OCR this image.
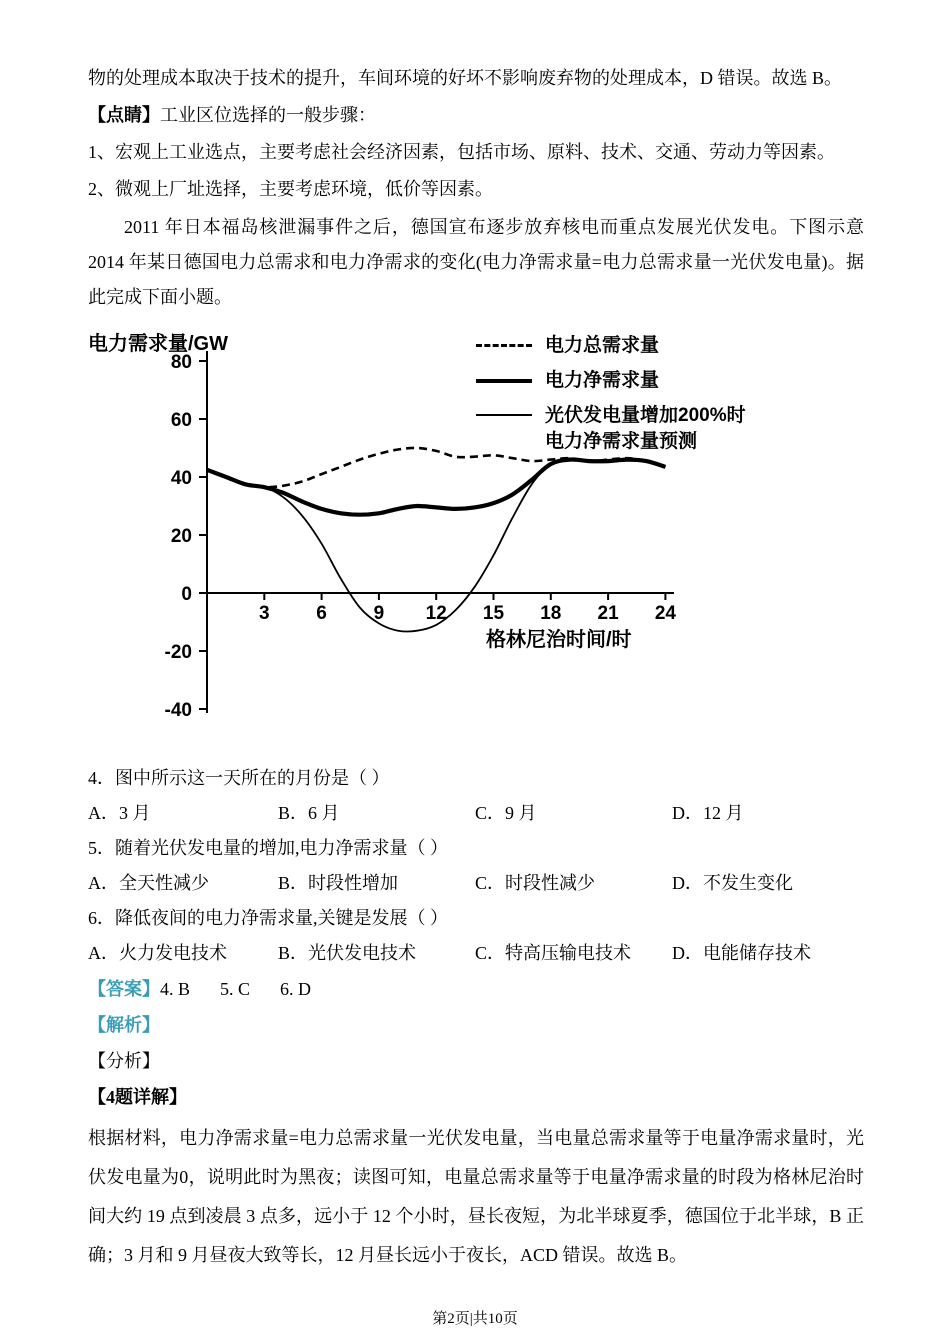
物的处理成本取决于技术的提升，车间环境的好坏不影响废弃物的处理成本，D 错误。故选 B。

【点睛】工业区位选择的一般步骤：

1、宏观上工业选点，主要考虑社会经济因素，包括市场、原料、技术、交通、劳动力等因素。

2、微观上厂址选择，主要考虑环境，低价等因素。

2011 年日本福岛核泄漏事件之后，德国宣布逐步放弃核电而重点发展光伏发电。下图示意 2014 年某日德国电力总需求和电力净需求的变化(电力净需求量=电力总需求量一光伏发电量)。据此完成下面小题。

电力需求量/GW
80
60
40
20
0
-20
-40
3 6 9 12 15 18 21 24
格林尼治时间/时
电力总需求量
电力净需求量
光伏发电量增加200%时
电力净需求量预测

4．图中所示这一天所在的月份是（ ）

A．3 月	B．6 月	C．9 月	D．12 月

5．随着光伏发电量的增加,电力净需求量（ ）

A．全天性减少	B．时段性增加	C．时段性减少	D．不发生变化

6．降低夜间的电力净需求量,关键是发展（ ）

A．火力发电技术	B．光伏发电技术	C．特高压输电技术	D．电能储存技术

【答案】4. B 5. C 6. D

【解析】

【分析】

【4题详解】

根据材料，电力净需求量=电力总需求量一光伏发电量，当电量总需求量等于电量净需求量时，光伏发电量为0，说明此时为黑夜；读图可知，电量总需求量等于电量净需求量的时段为格林尼治时间大约 19 点到凌晨 3 点多，远小于 12 个小时，昼长夜短，为北半球夏季，德国位于北半球，B 正确；3 月和 9 月昼夜大致等长，12 月昼长远小于夜长，ACD 错误。故选 B。

第2页|共10页
